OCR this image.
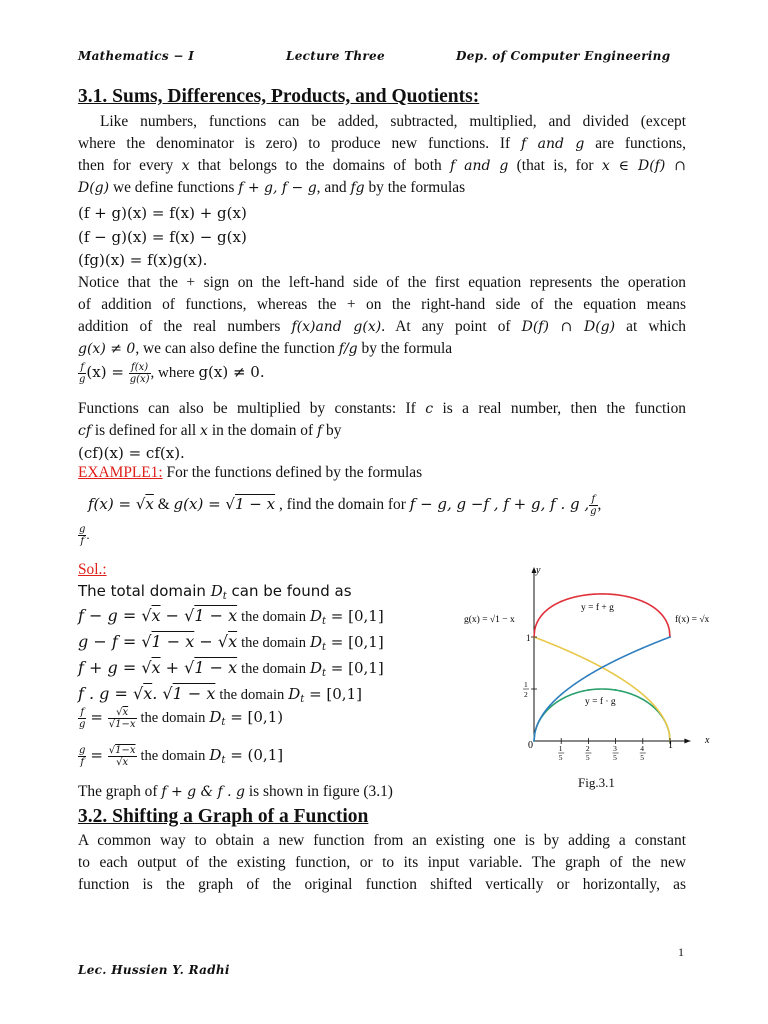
Mathematics − I	Lecture Three	Dep. of Computer Engineering
3.1. Sums, Differences, Products, and Quotients:
Like numbers, functions can be added, subtracted, multiplied, and divided (except
where the denominator is zero) to produce new functions. If f and g are functions,
then for every x that belongs to the domains of both f and g (that is, for x ∈ D(f) ∩
D(g) we define functions f + g, f − g, and fg by the formulas
(f + g)(x) = f(x) + g(x)
(f − g)(x) = f(x) − g(x)
(fg)(x) = f(x)g(x).
Notice that the + sign on the left-hand side of the first equation represents the operation
of addition of functions, whereas the + on the right-hand side of the equation means
addition of the real numbers f(x)and g(x). At any point of D(f) ∩ D(g) at which
g(x) ≠ 0, we can also define the function f/g by the formula
$\frac{f}{g} (x) = \frac{f(x)}{g(x)}$ , where g(x) ≠ 0.
Functions can also be multiplied by constants: If c is a real number, then the function
cf is defined for all x in the domain of f by
(cf)(x) = cf(x).
EXAMPLE1: For the functions defined by the formulas
f(x) = √x & g(x) = √1 − x , find the domain for f − g, g −f , f + g, f . g , $\frac{f}{g}$ ,
$\frac{g}{f}$ .
Sol.:
The total domain $D_t$ can be found as
f − g = √x − √1 − x the domain $D_t = [0,1]$
g − f = √1 − x − √x the domain $D_t = [0,1]$
f + g = √x + √1 − x the domain $D_t = [0,1]$
f . g = √x. √1 − x the domain $D_t = [0,1]$
$\frac{f}{g} = \frac{√x}{√1-x}$ the domain $D_t = [0,1)$
$\frac{g}{f} = \frac{√1-x}{√x}$ the domain $D_t = (0,1]$
The graph of f + g & f . g is shown in figure (3.1)
1
5
2
5
3
5
4
5
1
2
y
x
0	1
1
y = f + g
y = f · g
g(x) = √1 − x	f(x) = √x
Fig.3.1
3.2. Shifting a Graph of a Function
A common way to obtain a new function from an existing one is by adding a constant
to each output of the existing function, or to its input variable. The graph of the new
function is the graph of the original function shifted vertically or horizontally, as
1
Lec. Hussien Y. Radhi
